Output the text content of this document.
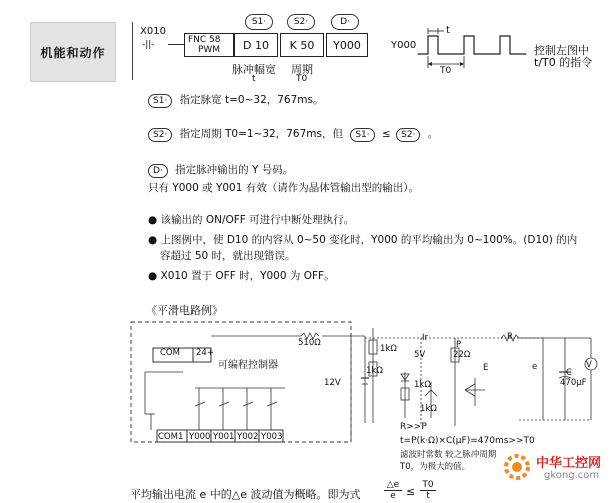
机能和动作
X010
-||-	FNC 58
PWM
S1·	S2·	D·
D 10	K 50	Y000
脉冲幅宽
t
周期
T0
Y000
t
T0
控制左图中
t/T0 的指令
S1· 指定脉宽 t=0~32，767ms。
S2· 指定周期 T0=1~32，767ms，但 S1· ≤ S2· 。
D· 指定脉冲输出的 Y 号码。
只有 Y000 或 Y001 有效（请作为晶体管输出型的输出）。
● 该输出的 ON/OFF 可进行中断处理执行。
● 上图例中，使 D10 的内容从 0~50 变化时，Y000 的平均输出为 0~100%。(D10) 的内
容超过 50 时，就出现错误。
● X010 置于 OFF 时，Y000 为 OFF。
《平滑电路例》
COM 24+
可编程控制器
COM1 Y000 Y001 Y002 Y003
510Ω
12V
1kΩ
1kΩ
1kΩ
1kΩ
5V
Ir
P
22Ω
E
R
e
C
470μF
V
R>>P
t=P(k·Ω)×C(μF)=470ms>>T0
滤波时常数 较之脉冲周期
T0，为极大的值。
平均输出电流 e 中的△e 波动值为概略。即为式	$\frac{\triangle e}{e} \le \frac{T0}{t}$
中华工控网
gkong.com
